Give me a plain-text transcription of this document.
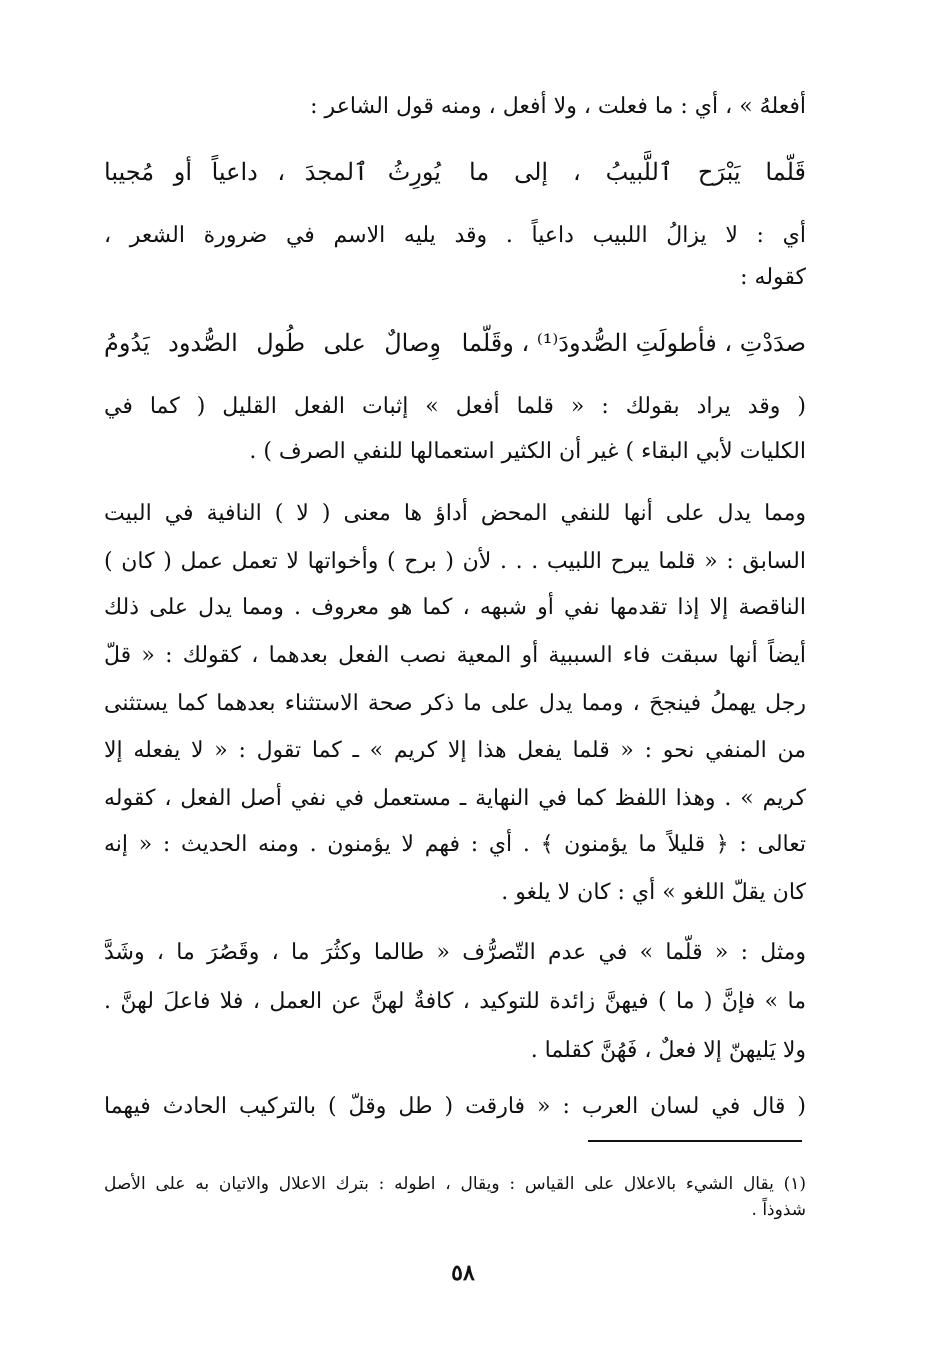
أفعلهُ » ، أي : ما فعلت ، ولا أفعل ، ومنه قول الشاعر :
قَلّما يَبْرَح ٱللَّبيبُ ، إلى ما
يُورِثُ ٱلمجدَ ، داعياً أو مُجيبا
أي : لا يزالُ اللبيب داعياً . وقد يليه الاسم في ضرورة الشعر ،
كقوله :
صدَدْتِ ، فأطولَتِ الصُّدودَ⁽¹⁾ ، وقَلّما
وِصالٌ على طُول الصُّدود يَدُومُ
( وقد يراد بقولك : « قلما أفعل » إثبات الفعل القليل ( كما في
الكليات لأبي البقاء ) غير أن الكثير استعمالها للنفي الصرف ) .
ومما يدل على أنها للنفي المحض أداؤ ها معنى ( لا ) النافية في البيت
السابق : « قلما يبرح اللبيب . . . لأن ( برح ) وأخواتها لا تعمل عمل ( كان )
الناقصة إلا إذا تقدمها نفي أو شبهه ، كما هو معروف . ومما يدل على ذلك
أيضاً أنها سبقت فاء السببية أو المعية نصب الفعل بعدهما ، كقولك : « قلّ
رجل يهملُ فينجحَ ، ومما يدل على ما ذكر صحة الاستثناء بعدهما كما يستثنى
من المنفي نحو : « قلما يفعل هذا إلا كريم » ـ كما تقول : « لا يفعله إلا
كريم » . وهذا اللفظ كما في النهاية ـ مستعمل في نفي أصل الفعل ، كقوله
تعالى : ﴿ قليلاً ما يؤمنون ﴾ . أي : فهم لا يؤمنون . ومنه الحديث : « إنه
كان يقلّ اللغو » أي : كان لا يلغو .
ومثل : « قلّما » في عدم التّصرُّف « طالما وكثُرَ ما ، وقَصُرَ ما ، وشَدَّ
ما » فإنَّ ( ما ) فيهنَّ زائدة للتوكيد ، كافةٌ لهنَّ عن العمل ، فلا فاعلَ لهنَّ .
ولا يَليهنّ إلا فعلٌ ، فَهُنَّ كقلما .
( قال في لسان العرب : « فارقت ( طل وقلّ ) بالتركيب الحادث فيهما
(١) يقال الشيء بالاعلال على القياس : ويقال ، اطوله : بترك الاعلال والاتيان به على الأصل
شذوذاً .
٥٨
